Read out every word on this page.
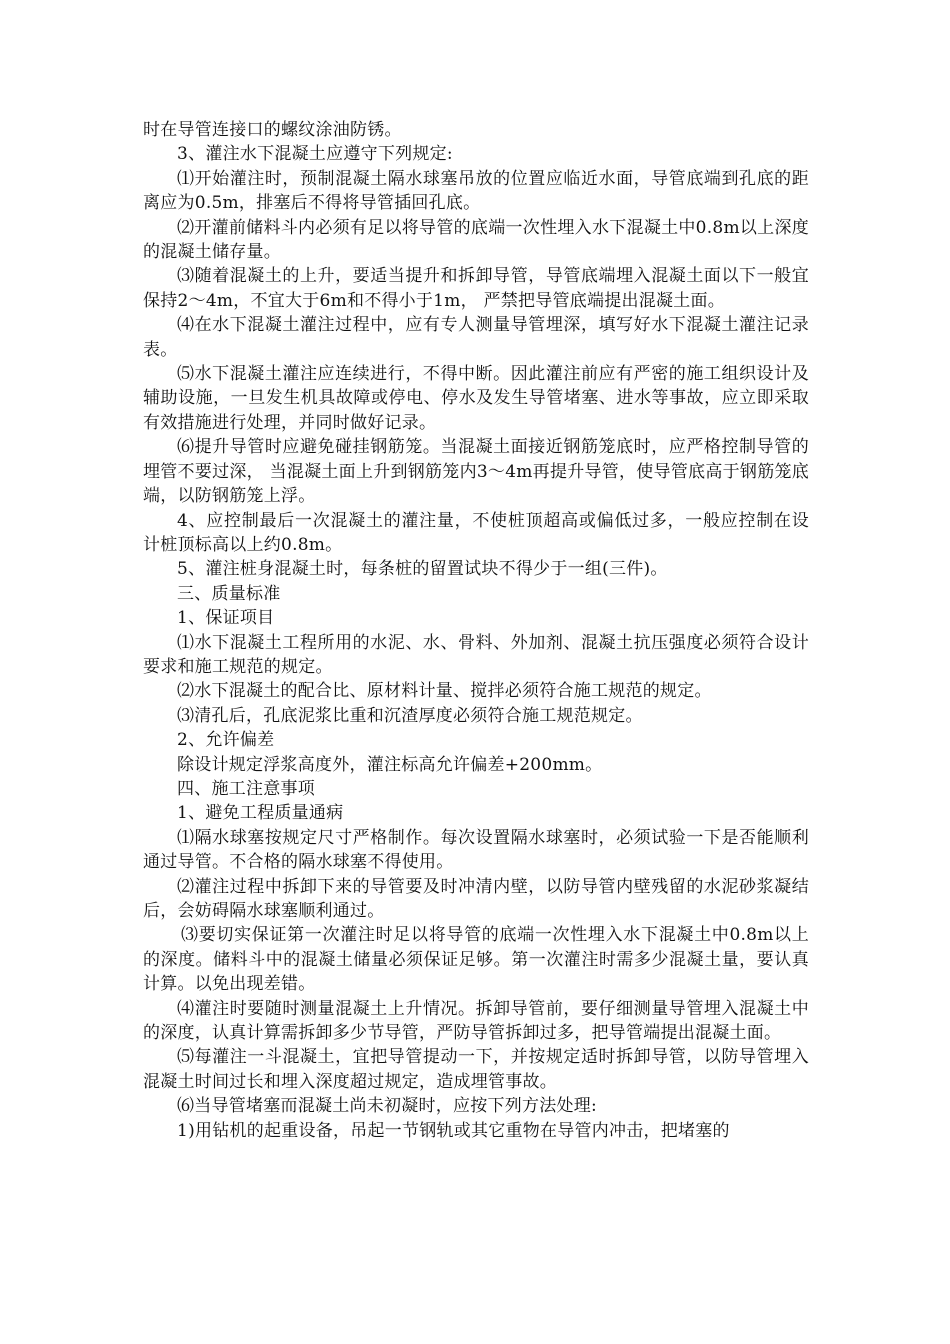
时在导管连接口的螺纹涂油防锈。

3、灌注水下混凝土应遵守下列规定:

⑴开始灌注时，预制混凝土隔水球塞吊放的位置应临近水面，导管底端到孔底的距离应为0.5m，排塞后不得将导管插回孔底。

⑵开灌前储料斗内必须有足以将导管的底端一次性埋入水下混凝土中0.8m以上深度的混凝土储存量。

⑶随着混凝土的上升，要适当提升和拆卸导管，导管底端埋入混凝土面以下一般宜保持2～4m，不宜大于6m和不得小于1m， 严禁把导管底端提出混凝土面。

⑷在水下混凝土灌注过程中，应有专人测量导管埋深，填写好水下混凝土灌注记录表。

⑸水下混凝土灌注应连续进行，不得中断。因此灌注前应有严密的施工组织设计及辅助设施，一旦发生机具故障或停电、停水及发生导管堵塞、进水等事故，应立即采取有效措施进行处理，并同时做好记录。

⑹提升导管时应避免碰挂钢筋笼。当混凝土面接近钢筋笼底时，应严格控制导管的埋管不要过深， 当混凝土面上升到钢筋笼内3～4m再提升导管，使导管底高于钢筋笼底端，以防钢筋笼上浮。

4、应控制最后一次混凝土的灌注量，不使桩顶超高或偏低过多，一般应控制在设计桩顶标高以上约0.8m。

5、灌注桩身混凝土时，每条桩的留置试块不得少于一组(三件)。

三、质量标准

1、保证项目

⑴水下混凝土工程所用的水泥、水、骨料、外加剂、混凝土抗压强度必须符合设计要求和施工规范的规定。

⑵水下混凝土的配合比、原材料计量、搅拌必须符合施工规范的规定。

⑶清孔后，孔底泥浆比重和沉渣厚度必须符合施工规范规定。

2、允许偏差

除设计规定浮浆高度外，灌注标高允许偏差+200mm。

四、施工注意事项

1、避免工程质量通病

⑴隔水球塞按规定尺寸严格制作。每次设置隔水球塞时，必须试验一下是否能顺利通过导管。不合格的隔水球塞不得使用。

⑵灌注过程中拆卸下来的导管要及时冲清内壁，以防导管内壁残留的水泥砂浆凝结后，会妨碍隔水球塞顺利通过。

⑶要切实保证第一次灌注时足以将导管的底端一次性埋入水下混凝土中0.8m以上的深度。储料斗中的混凝土储量必须保证足够。第一次灌注时需多少混凝土量，要认真计算。以免出现差错。

⑷灌注时要随时测量混凝土上升情况。拆卸导管前，要仔细测量导管埋入混凝土中的深度，认真计算需拆卸多少节导管，严防导管拆卸过多，把导管端提出混凝土面。

⑸每灌注一斗混凝土，宜把导管提动一下，并按规定适时拆卸导管，以防导管埋入混凝土时间过长和埋入深度超过规定，造成埋管事故。

⑹当导管堵塞而混凝土尚未初凝时，应按下列方法处理:

1)用钻机的起重设备，吊起一节钢轨或其它重物在导管内冲击，把堵塞的
